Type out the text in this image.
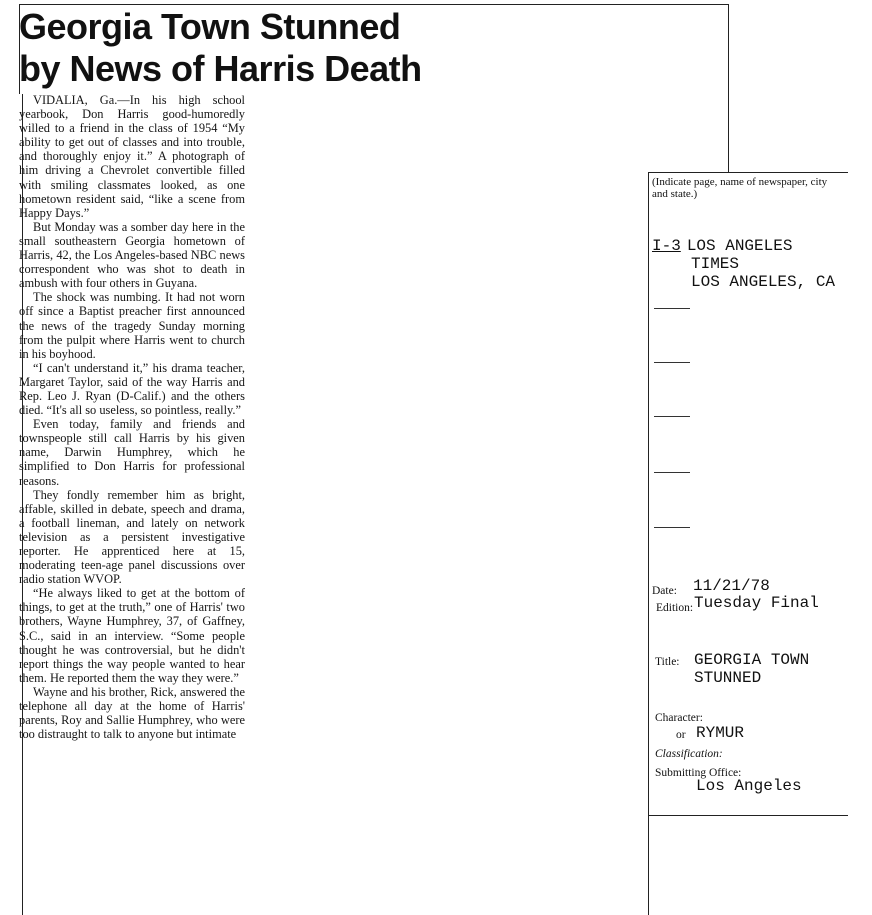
Georgia Town Stunned
by News of Harris Death

VIDALIA, Ga.—In his high school yearbook, Don Harris good-humoredly willed to a friend in the class of 1954 “My ability to get out of classes and into trouble, and thoroughly enjoy it.” A photograph of him driving a Chevrolet convertible filled with smiling classmates looked, as one hometown resident said, “like a scene from Happy Days.”

But Monday was a somber day here in the small southeastern Georgia hometown of Harris, 42, the Los Angeles-based NBC news correspondent who was shot to death in ambush with four others in Guyana.

The shock was numbing. It had not worn off since a Baptist preacher first announced the news of the tragedy Sunday morning from the pulpit where Harris went to church in his boyhood.

“I can't understand it,” his drama teacher, Margaret Taylor, said of the way Harris and Rep. Leo J. Ryan (D-Calif.) and the others died. “It's all so useless, so pointless, really.”

Even today, family and friends and townspeople still call Harris by his given name, Darwin Humphrey, which he simplified to Don Harris for professional reasons.

They fondly remember him as bright, affable, skilled in debate, speech and drama, a football lineman, and lately on network television as a persistent investigative reporter. He apprenticed here at 15, moderating teen-age panel discussions over radio station WVOP.

“He always liked to get at the bottom of things, to get at the truth,” one of Harris' two brothers, Wayne Humphrey, 37, of Gaffney, S.C., said in an interview. “Some people thought he was controversial, but he didn't report things the way people wanted to hear them. He reported them the way they were.”

Wayne and his brother, Rick, answered the telephone all day at the home of Harris' parents, Roy and Sallie Humphrey, who were too distraught to talk to anyone but intimate

(Indicate page, name of newspaper, city and state.)
I-3 LOS ANGELES
TIMES
LOS ANGELES, CA
Date: 11/21/78
Edition: Tuesday Final
Title: GEORGIA TOWN
STUNNED
Character:
or RYMUR
Classification:
Submitting Office:
Los Angeles
